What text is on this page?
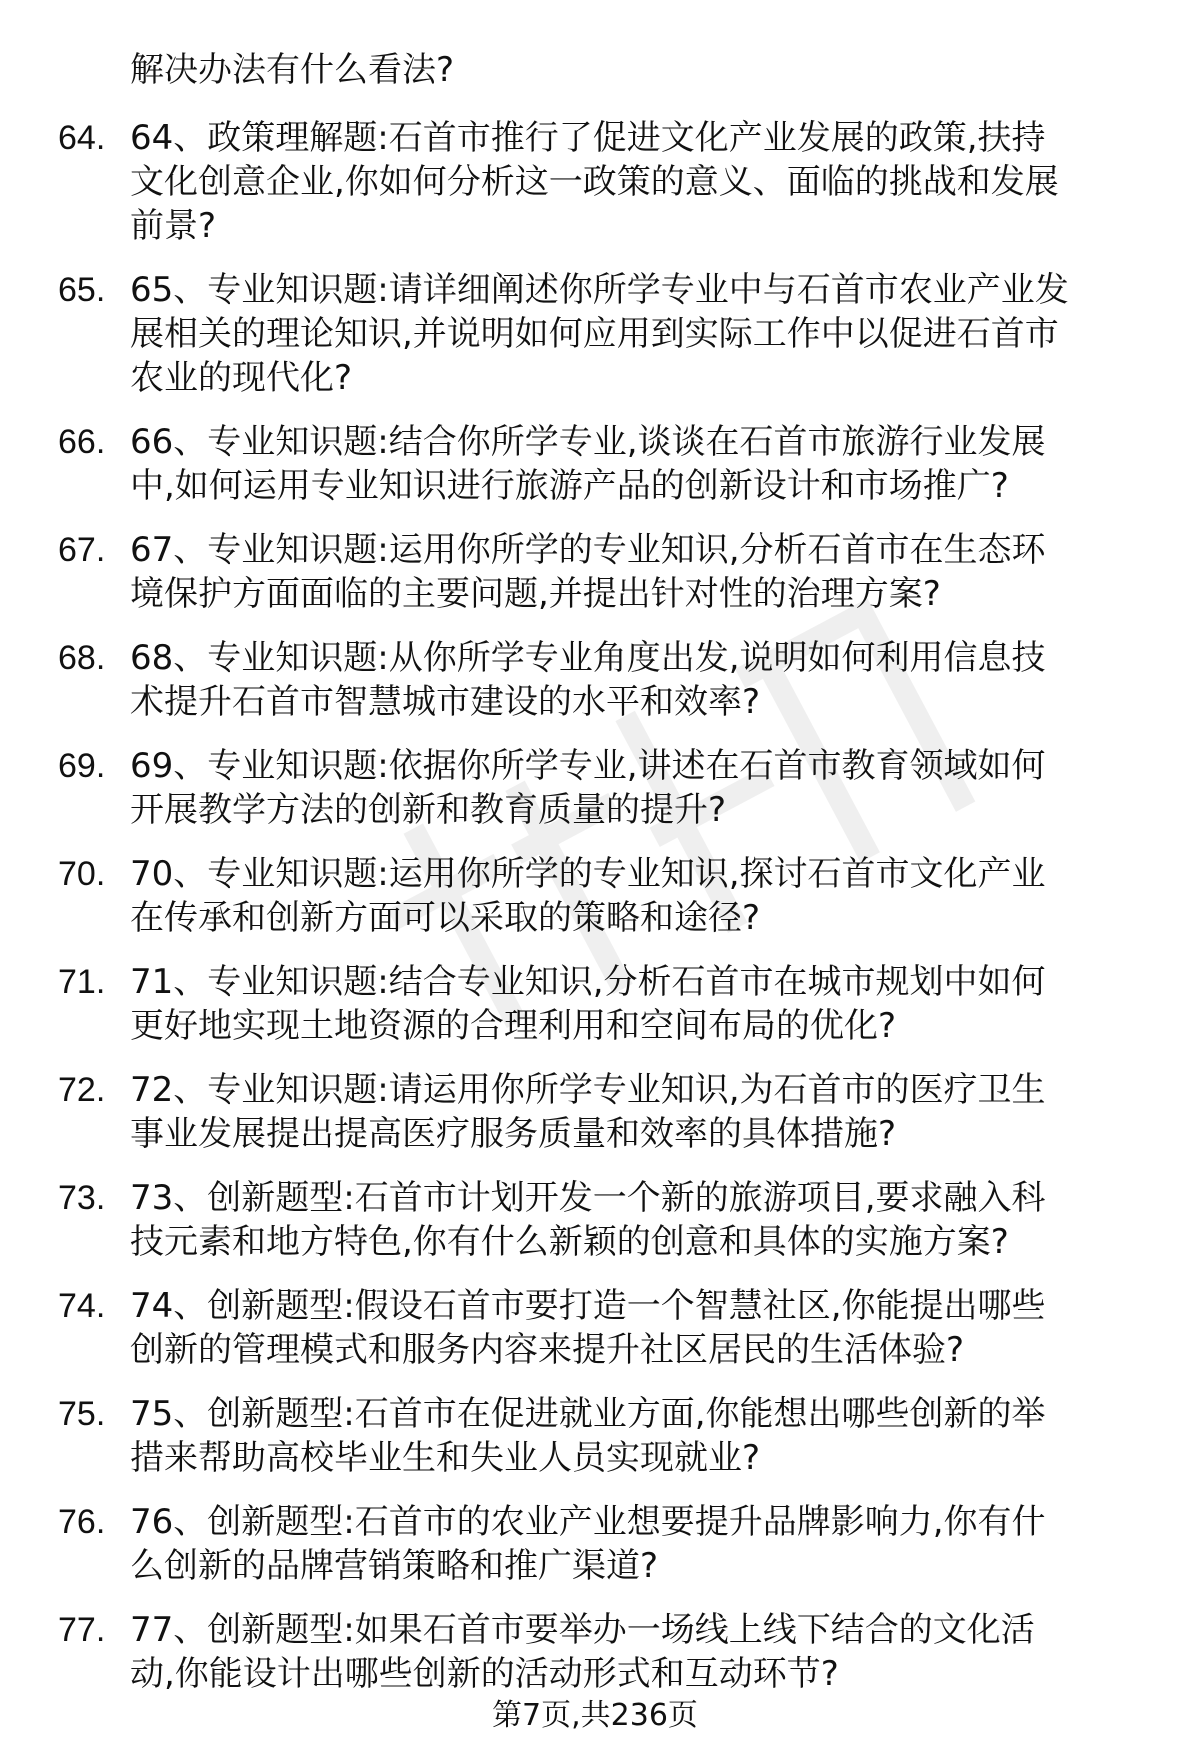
解决办法有什么看法?
64. 64、政策理解题:石首市推行了促进文化产业发展的政策,扶持
文化创意企业,你如何分析这一政策的意义、面临的挑战和发展
前景?
65. 65、专业知识题:请详细阐述你所学专业中与石首市农业产业发
展相关的理论知识,并说明如何应用到实际工作中以促进石首市
农业的现代化?
66. 66、专业知识题:结合你所学专业,谈谈在石首市旅游行业发展
中,如何运用专业知识进行旅游产品的创新设计和市场推广?
67. 67、专业知识题:运用你所学的专业知识,分析石首市在生态环
境保护方面面临的主要问题,并提出针对性的治理方案?
68. 68、专业知识题:从你所学专业角度出发,说明如何利用信息技
术提升石首市智慧城市建设的水平和效率?
69. 69、专业知识题:依据你所学专业,讲述在石首市教育领域如何
开展教学方法的创新和教育质量的提升?
70. 70、专业知识题:运用你所学的专业知识,探讨石首市文化产业
在传承和创新方面可以采取的策略和途径?
71. 71、专业知识题:结合专业知识,分析石首市在城市规划中如何
更好地实现土地资源的合理利用和空间布局的优化?
72. 72、专业知识题:请运用你所学专业知识,为石首市的医疗卫生
事业发展提出提高医疗服务质量和效率的具体措施?
73. 73、创新题型:石首市计划开发一个新的旅游项目,要求融入科
技元素和地方特色,你有什么新颖的创意和具体的实施方案?
74. 74、创新题型:假设石首市要打造一个智慧社区,你能提出哪些
创新的管理模式和服务内容来提升社区居民的生活体验?
75. 75、创新题型:石首市在促进就业方面,你能想出哪些创新的举
措来帮助高校毕业生和失业人员实现就业?
76. 76、创新题型:石首市的农业产业想要提升品牌影响力,你有什
么创新的品牌营销策略和推广渠道?
77. 77、创新题型:如果石首市要举办一场线上线下结合的文化活
动,你能设计出哪些创新的活动形式和互动环节?
第7页,共236页
